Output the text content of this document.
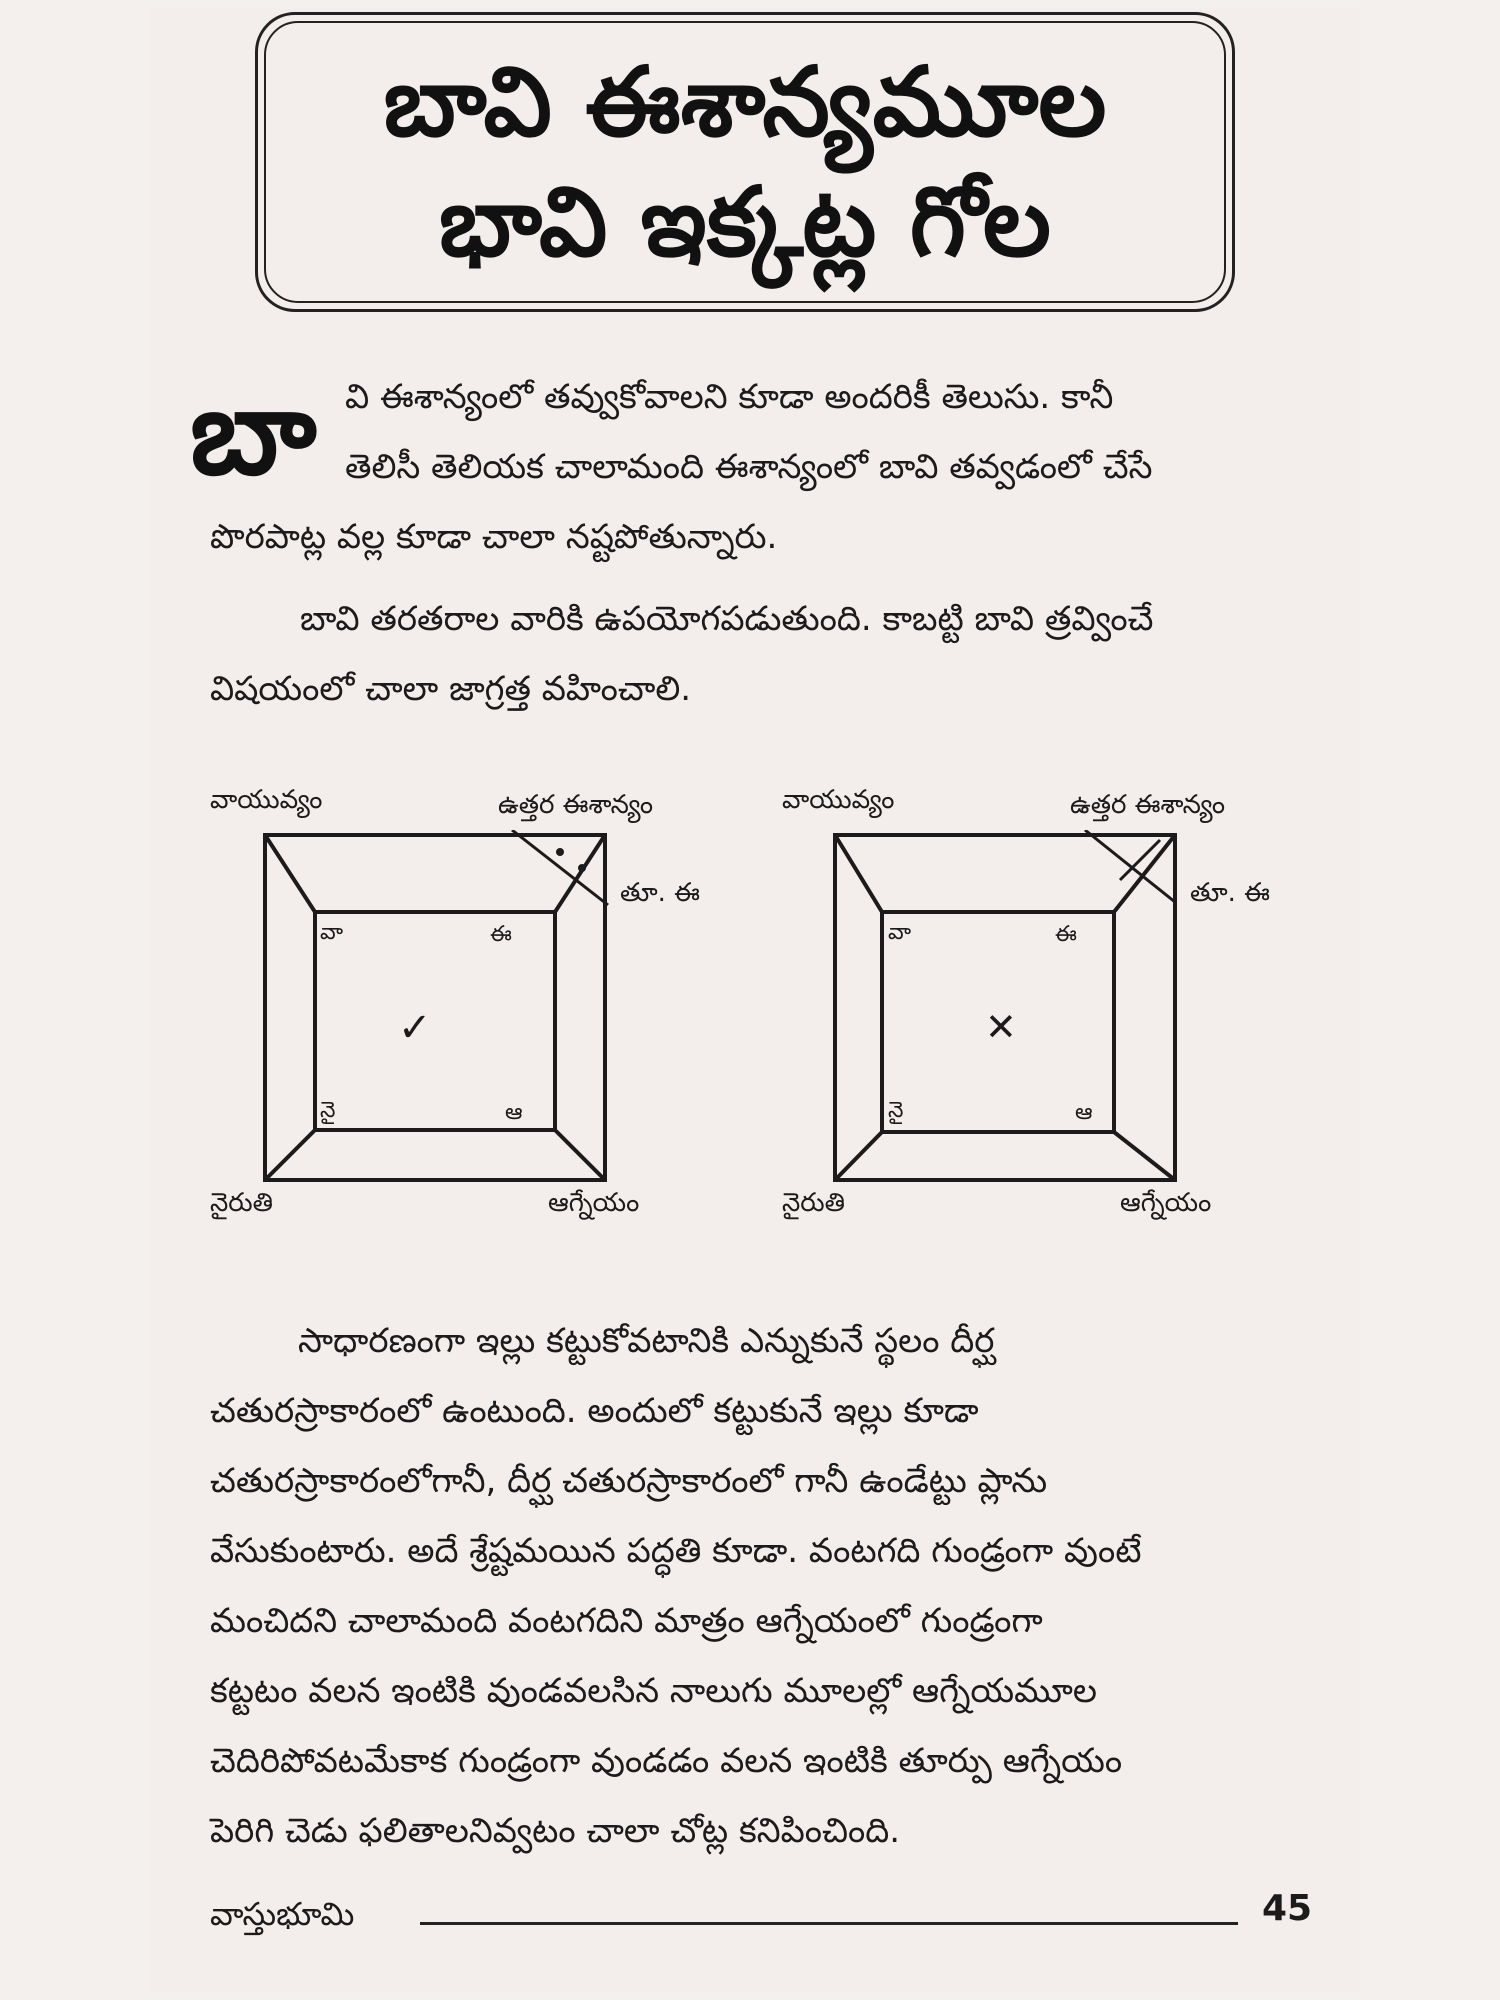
బావి ఈశాన్యమూల
భావి ఇక్కట్ల గోల
బా వి ఈశాన్యంలో తవ్వుకోవాలని కూడా అందరికీ తెలుసు. కానీ
తెలిసీ తెలియక చాలామంది ఈశాన్యంలో బావి తవ్వడంలో చేసే
పొరపాట్ల వల్ల కూడా చాలా నష్టపోతున్నారు.
బావి తరతరాల వారికి ఉపయోగపడుతుంది. కాబట్టి బావి త్రవ్వించే
విషయంలో చాలా జాగ్రత్త వహించాలి.
వాయువ్యం	ఉత్తర ఈశాన్యం
తూ. ఈ
వా	ఈ
నై	ఆ
✓
నైరుతి	ఆగ్నేయం
వాయువ్యం	ఉత్తర ఈశాన్యం
తూ. ఈ
వా	ఈ
నై	ఆ
✕
నైరుతి	ఆగ్నేయం
సాధారణంగా ఇల్లు కట్టుకోవటానికి ఎన్నుకునే స్థలం దీర్ఘ
చతురస్రాకారంలో ఉంటుంది. అందులో కట్టుకునే ఇల్లు కూడా
చతురస్రాకారంలోగానీ, దీర్ఘ చతురస్రాకారంలో గానీ ఉండేట్టు ప్లాను
వేసుకుంటారు. అదే శ్రేష్టమయిన పద్ధతి కూడా. వంటగది గుండ్రంగా వుంటే
మంచిదని చాలామంది వంటగదిని మాత్రం ఆగ్నేయంలో గుండ్రంగా
కట్టటం వలన ఇంటికి వుండవలసిన నాలుగు మూలల్లో ఆగ్నేయమూల
చెదిరిపోవటమేకాక గుండ్రంగా వుండడం వలన ఇంటికి తూర్పు ఆగ్నేయం
పెరిగి చెడు ఫలితాలనివ్వటం చాలా చోట్ల కనిపించింది.
వాస్తుభూమి	45
